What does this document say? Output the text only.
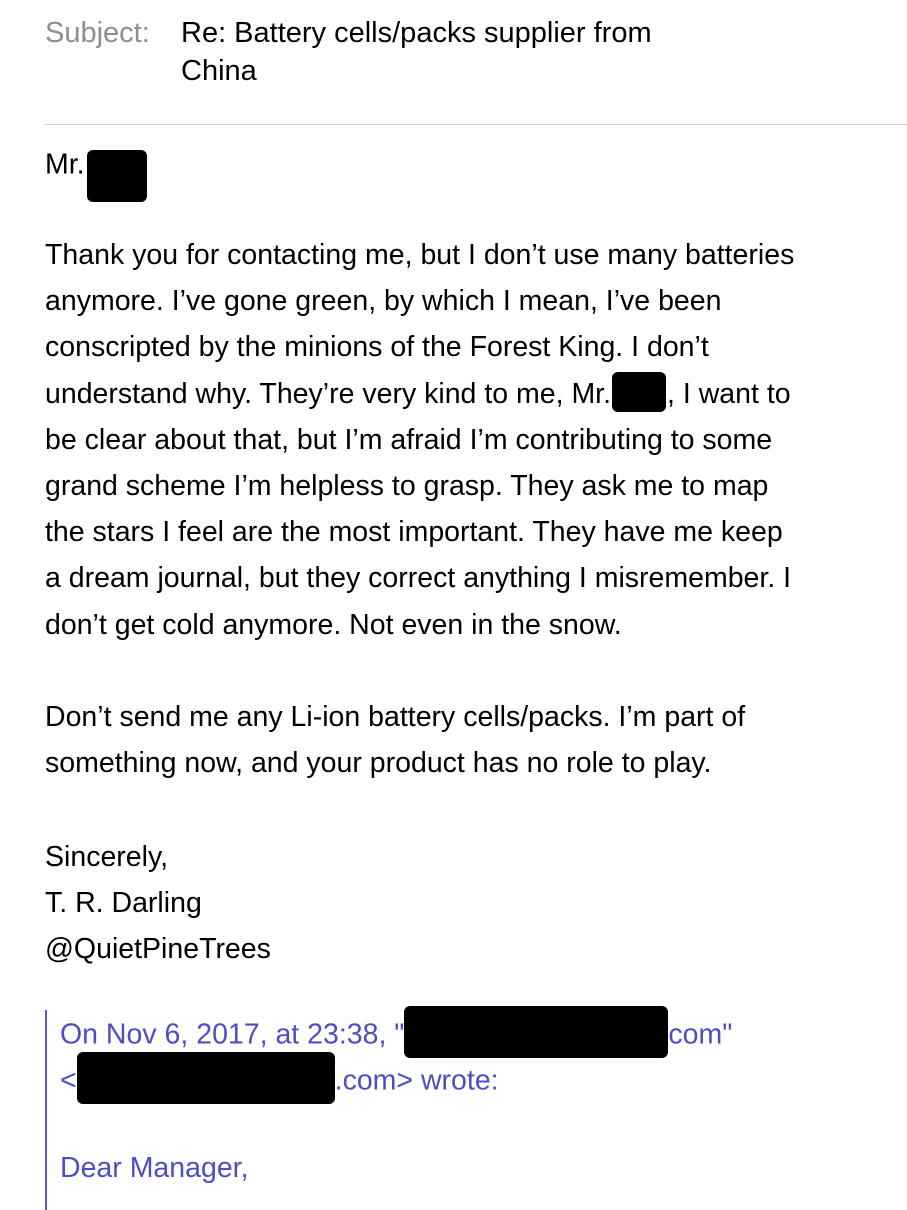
Subject: Re: Battery cells/packs supplier from
China
Mr.
Thank you for contacting me, but I don’t use many batteries
anymore. I’ve gone green, by which I mean, I’ve been
conscripted by the minions of the Forest King. I don’t
understand why. They’re very kind to me, Mr. , I want to
be clear about that, but I’m afraid I’m contributing to some
grand scheme I’m helpless to grasp. They ask me to map
the stars I feel are the most important. They have me keep
a dream journal, but they correct anything I misremember. I
don’t get cold anymore. Not even in the snow.
Don’t send me any Li-ion battery cells/packs. I’m part of
something now, and your product has no role to play.
Sincerely,
T. R. Darling
@QuietPineTrees
On Nov 6, 2017, at 23:38, "	com"
<	.com> wrote:
Dear Manager,
